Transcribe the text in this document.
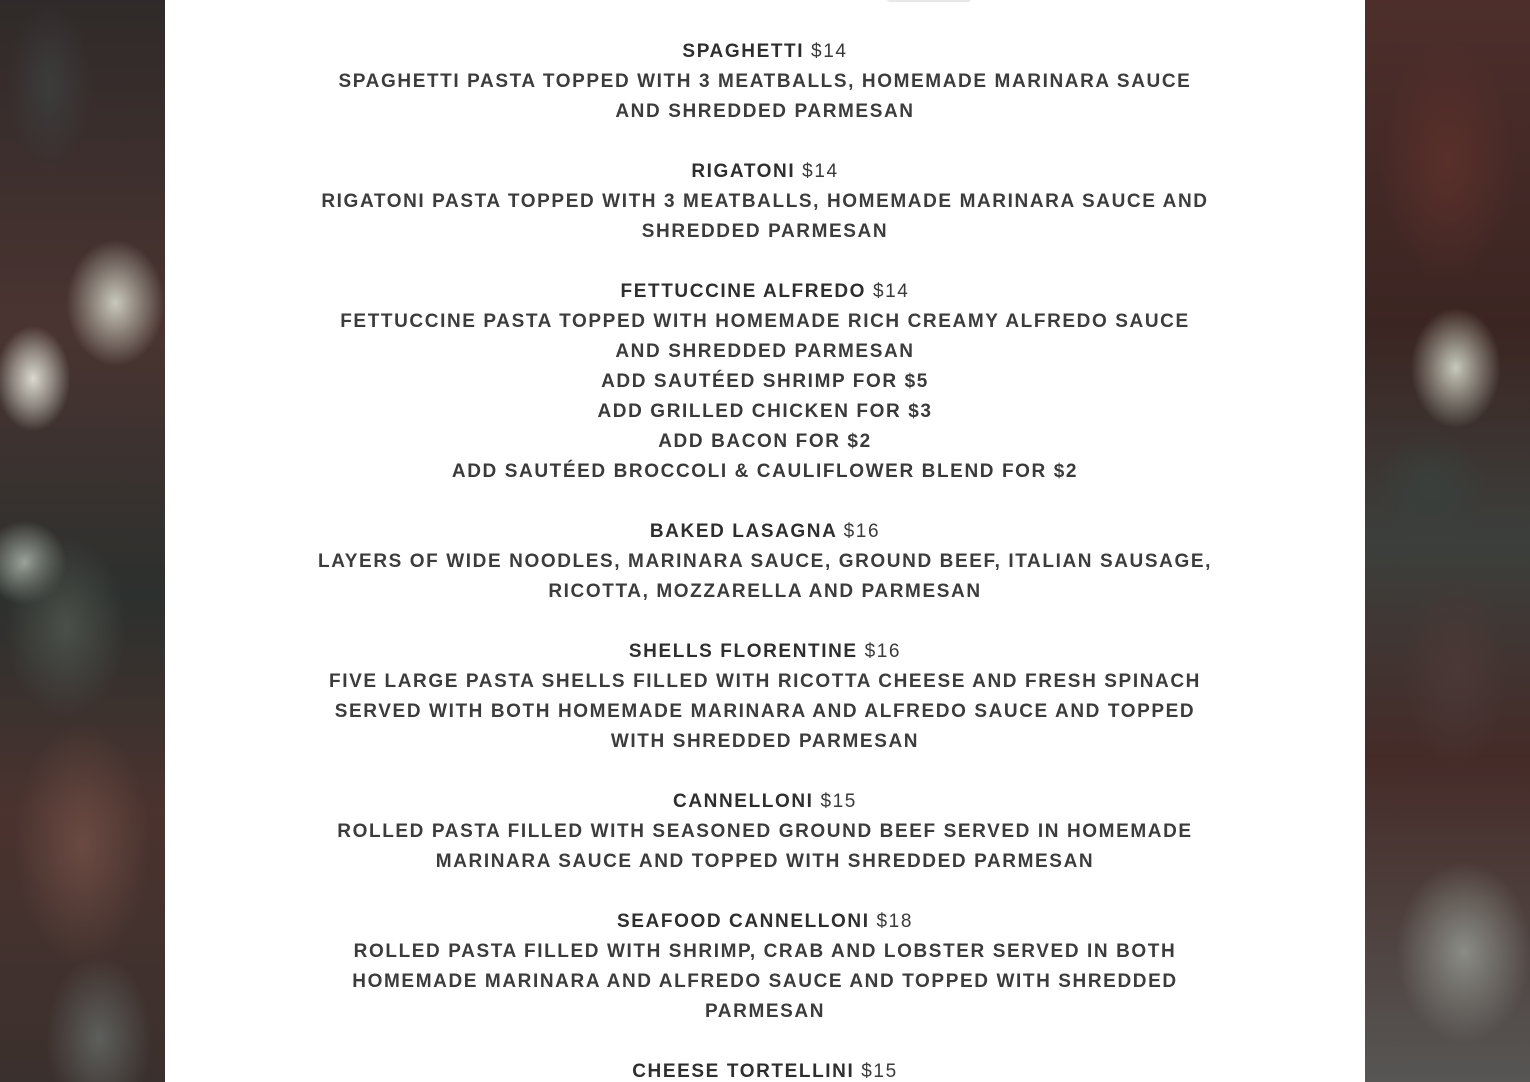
SPAGHETTI $14
SPAGHETTI PASTA TOPPED WITH 3 MEATBALLS, HOMEMADE MARINARA SAUCE AND SHREDDED PARMESAN
RIGATONI $14
RIGATONI PASTA TOPPED WITH 3 MEATBALLS, HOMEMADE MARINARA SAUCE AND SHREDDED PARMESAN
FETTUCCINE ALFREDO $14
FETTUCCINE PASTA TOPPED WITH HOMEMADE RICH CREAMY ALFREDO SAUCE AND SHREDDED PARMESAN
ADD SAUTÉED SHRIMP FOR $5
ADD GRILLED CHICKEN FOR $3
ADD BACON FOR $2
ADD SAUTÉED BROCCOLI & CAULIFLOWER BLEND FOR $2
BAKED LASAGNA $16
LAYERS OF WIDE NOODLES, MARINARA SAUCE, GROUND BEEF, ITALIAN SAUSAGE, RICOTTA, MOZZARELLA AND PARMESAN
SHELLS FLORENTINE $16
FIVE LARGE PASTA SHELLS FILLED WITH RICOTTA CHEESE AND FRESH SPINACH SERVED WITH BOTH HOMEMADE MARINARA AND ALFREDO SAUCE AND TOPPED WITH SHREDDED PARMESAN
CANNELLONI $15
ROLLED PASTA FILLED WITH SEASONED GROUND BEEF SERVED IN HOMEMADE MARINARA SAUCE AND TOPPED WITH SHREDDED PARMESAN
SEAFOOD CANNELLONI $18
ROLLED PASTA FILLED WITH SHRIMP, CRAB AND LOBSTER SERVED IN BOTH HOMEMADE MARINARA AND ALFREDO SAUCE AND TOPPED WITH SHREDDED PARMESAN
CHEESE TORTELLINI $15
